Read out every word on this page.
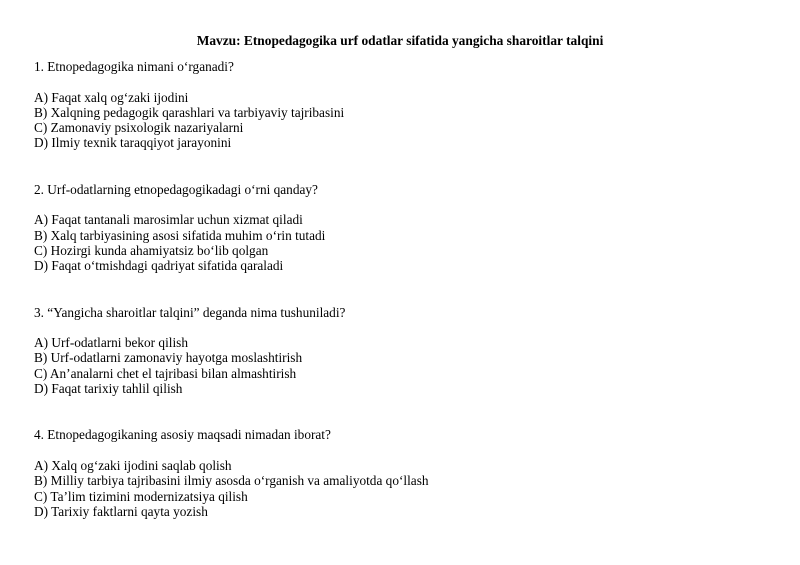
Mavzu: Etnopedagogika urf odatlar sifatida yangicha sharoitlar talqini

1. Etnopedagogika nimani o‘rganadi?

A) Faqat xalq og‘zaki ijodini

B) Xalqning pedagogik qarashlari va tarbiyaviy tajribasini

C) Zamonaviy psixologik nazariyalarni

D) Ilmiy texnik taraqqiyot jarayonini

2. Urf-odatlarning etnopedagogikadagi o‘rni qanday?

A) Faqat tantanali marosimlar uchun xizmat qiladi

B) Xalq tarbiyasining asosi sifatida muhim o‘rin tutadi

C) Hozirgi kunda ahamiyatsiz bo‘lib qolgan

D) Faqat o‘tmishdagi qadriyat sifatida qaraladi

3. “Yangicha sharoitlar talqini” deganda nima tushuniladi?

A) Urf-odatlarni bekor qilish

B) Urf-odatlarni zamonaviy hayotga moslashtirish

C) An’analarni chet el tajribasi bilan almashtirish

D) Faqat tarixiy tahlil qilish

4. Etnopedagogikaning asosiy maqsadi nimadan iborat?

A) Xalq og‘zaki ijodini saqlab qolish

B) Milliy tarbiya tajribasini ilmiy asosda o‘rganish va amaliyotda qo‘llash

C) Ta’lim tizimini modernizatsiya qilish

D) Tarixiy faktlarni qayta yozish
